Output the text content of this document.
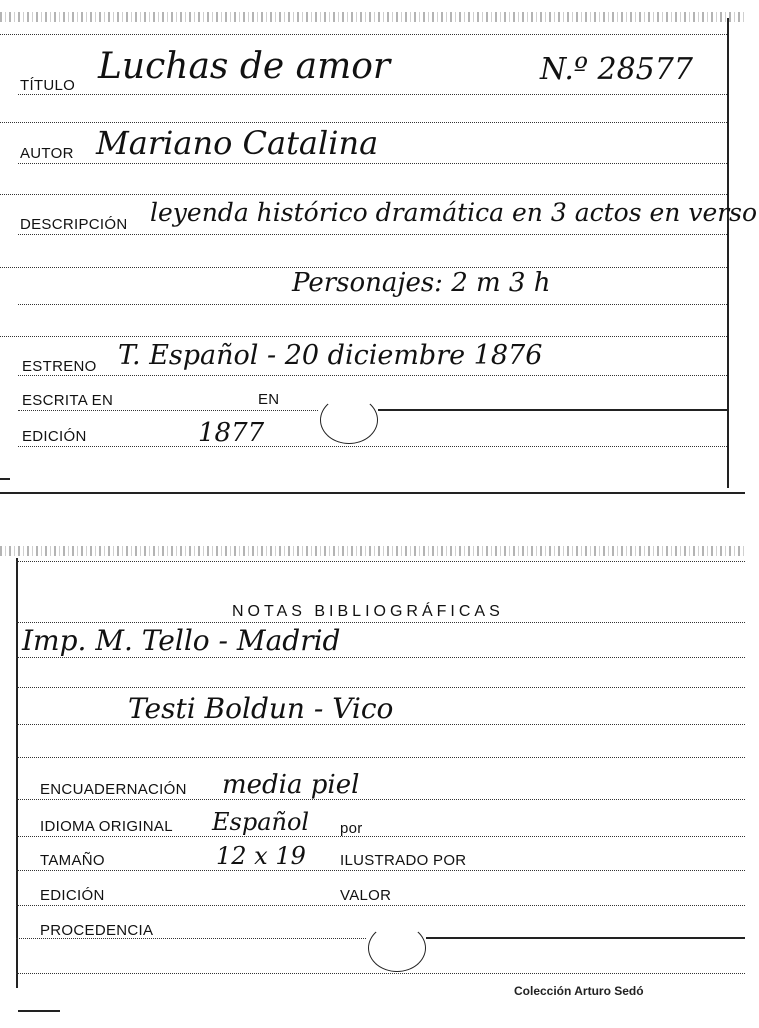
TÍTULO Luchas de amor	N.º 28577
AUTOR Mariano Catalina
DESCRIPCIÓN leyenda histórico dramática en 3 actos en verso
Personajes: 2 m 3 h
ESTRENO T. Español - 20 diciembre 1876
ESCRITA EN	EN
EDICIÓN	1877
NOTAS BIBLIOGRÁFICAS
Imp. M. Tello - Madrid
Testi Boldun - Vico
ENCUADERNACIÓN media piel
IDIOMA ORIGINAL Español por
TAMAÑO	12 x 19 ILUSTRADO POR
EDICIÓN	VALOR
PROCEDENCIA
Colección Arturo Sedó
